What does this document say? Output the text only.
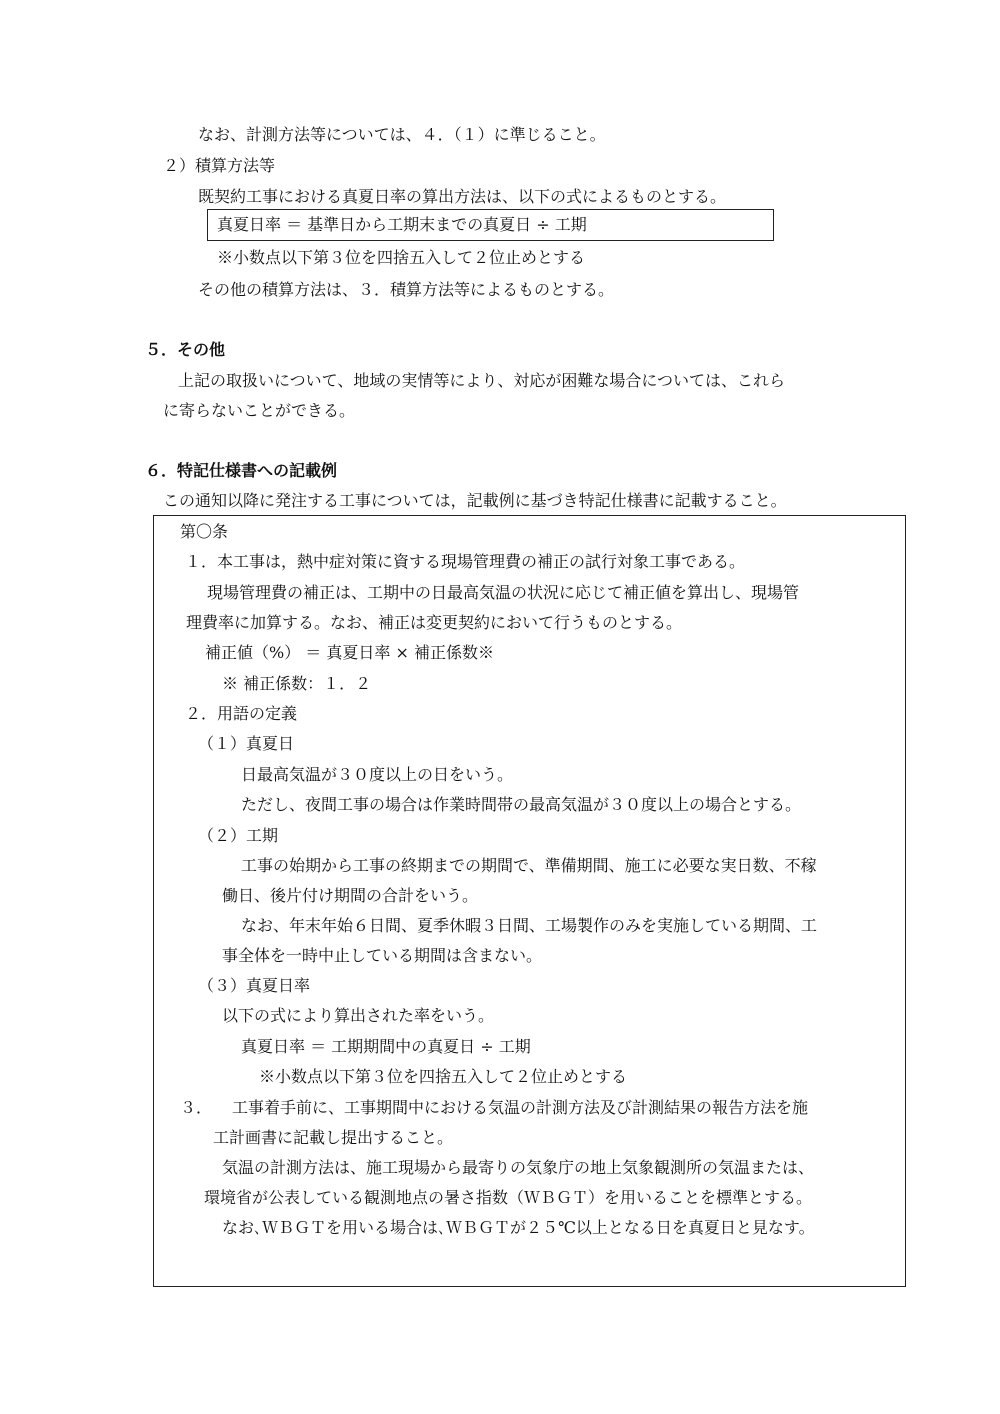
なお、計測方法等については、４．（１）に準じること。
２）積算方法等
既契約工事における真夏日率の算出方法は、以下の式によるものとする。
真夏日率 ＝ 基準日から工期末までの真夏日 ÷ 工期
※小数点以下第３位を四捨五入して２位止めとする
その他の積算方法は、３．積算方法等によるものとする。
５．その他
上記の取扱いについて、地域の実情等により、対応が困難な場合については、これら
に寄らないことができる。
６．特記仕様書への記載例
この通知以降に発注する工事については，記載例に基づき特記仕様書に記載すること。
第〇条
１．本工事は，熱中症対策に資する現場管理費の補正の試行対象工事である。
現場管理費の補正は、工期中の日最高気温の状況に応じて補正値を算出し、現場管
理費率に加算する。なお、補正は変更契約において行うものとする。
補正値（%） ＝ 真夏日率 × 補正係数※
※ 補正係数：１．２
２．用語の定義
（１）真夏日
日最高気温が３０度以上の日をいう。
ただし、夜間工事の場合は作業時間帯の最高気温が３０度以上の場合とする。
（２）工期
工事の始期から工事の終期までの期間で、準備期間、施工に必要な実日数、不稼
働日、後片付け期間の合計をいう。
なお、年末年始６日間、夏季休暇３日間、工場製作のみを実施している期間、工
事全体を一時中止している期間は含まない。
（３）真夏日率
以下の式により算出された率をいう。
真夏日率 ＝ 工期期間中の真夏日 ÷ 工期
※小数点以下第３位を四捨五入して２位止めとする
３． 工事着手前に、工事期間中における気温の計測方法及び計測結果の報告方法を施
工計画書に記載し提出すること。
気温の計測方法は、施工現場から最寄りの気象庁の地上気象観測所の気温または、
環境省が公表している観測地点の暑さ指数（ＷＢＧＴ）を用いることを標準とする。
なお､ＷＢＧＴを用いる場合は､ＷＢＧＴが２５℃以上となる日を真夏日と見なす。
